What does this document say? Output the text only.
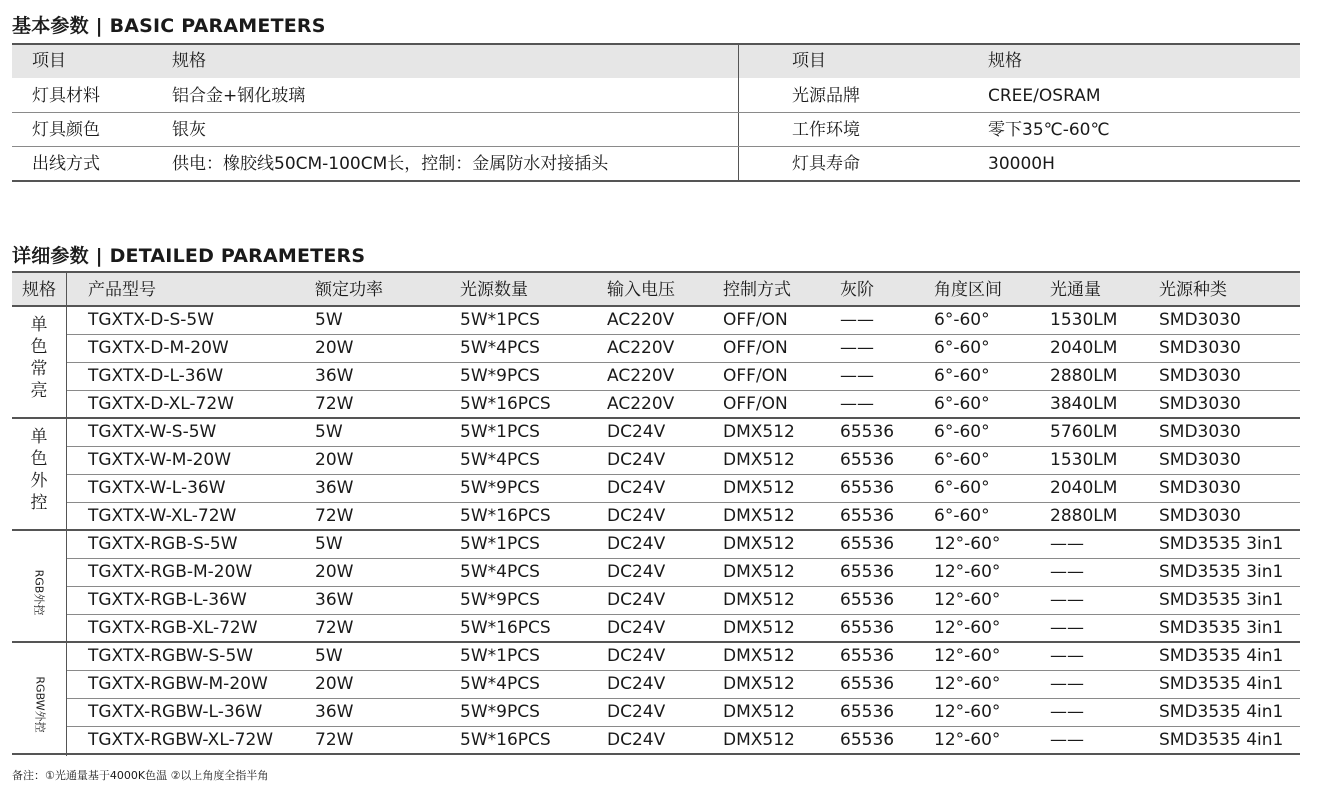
基本参数 | BASIC PARAMETERS
项目	规格	项目	规格
灯具材料	铝合金+钢化玻璃	光源品牌	CREE/OSRAM
灯具颜色	银灰	工作环境	零下35℃-60℃
出线方式	供电：橡胶线50CM-100CM长，控制：金属防水对接插头	灯具寿命	30000H
详细参数 | DETAILED PARAMETERS
规格 产品型号	额定功率	光源数量	输入电压	控制方式	灰阶	角度区间	光通量	光源种类
单色常亮
TGXTX-D-S-5W	5W	5W*1PCS	AC220V	OFF/ON	——	6°-60°	1530LM SMD3030
TGXTX-D-M-20W	20W	5W*4PCS	AC220V	OFF/ON	——	6°-60°	2040LM SMD3030
TGXTX-D-L-36W	36W	5W*9PCS	AC220V	OFF/ON	——	6°-60°	2880LM SMD3030
TGXTX-D-XL-72W	72W	5W*16PCS	AC220V	OFF/ON	——	6°-60°	3840LM SMD3030
单色外控
TGXTX-W-S-5W	5W	5W*1PCS	DC24V	DMX512	65536 6°-60°	5760LM SMD3030
TGXTX-W-M-20W	20W	5W*4PCS	DC24V	DMX512	65536 6°-60°	1530LM SMD3030
TGXTX-W-L-36W	36W	5W*9PCS	DC24V	DMX512	65536 6°-60°	2040LM SMD3030
TGXTX-W-XL-72W	72W	5W*16PCS	DC24V	DMX512	65536 6°-60°	2880LM SMD3030
RGB外控
TGXTX-RGB-S-5W	5W	5W*1PCS	DC24V	DMX512	65536 12°-60°	——	SMD3535 3in1
TGXTX-RGB-M-20W	20W	5W*4PCS	DC24V	DMX512	65536 12°-60°	——	SMD3535 3in1
TGXTX-RGB-L-36W	36W	5W*9PCS	DC24V	DMX512	65536 12°-60°	——	SMD3535 3in1
TGXTX-RGB-XL-72W	72W	5W*16PCS	DC24V	DMX512	65536 12°-60°	——	SMD3535 3in1
RGBW外控
TGXTX-RGBW-S-5W	5W	5W*1PCS	DC24V	DMX512	65536 12°-60°	——	SMD3535 4in1
TGXTX-RGBW-M-20W	20W	5W*4PCS	DC24V	DMX512	65536 12°-60°	——	SMD3535 4in1
TGXTX-RGBW-L-36W	36W	5W*9PCS	DC24V	DMX512	65536 12°-60°	——	SMD3535 4in1
TGXTX-RGBW-XL-72W 72W	5W*16PCS	DC24V	DMX512	65536 12°-60°	——	SMD3535 4in1
备注：①光通量基于4000K色温 ②以上角度全指半角
